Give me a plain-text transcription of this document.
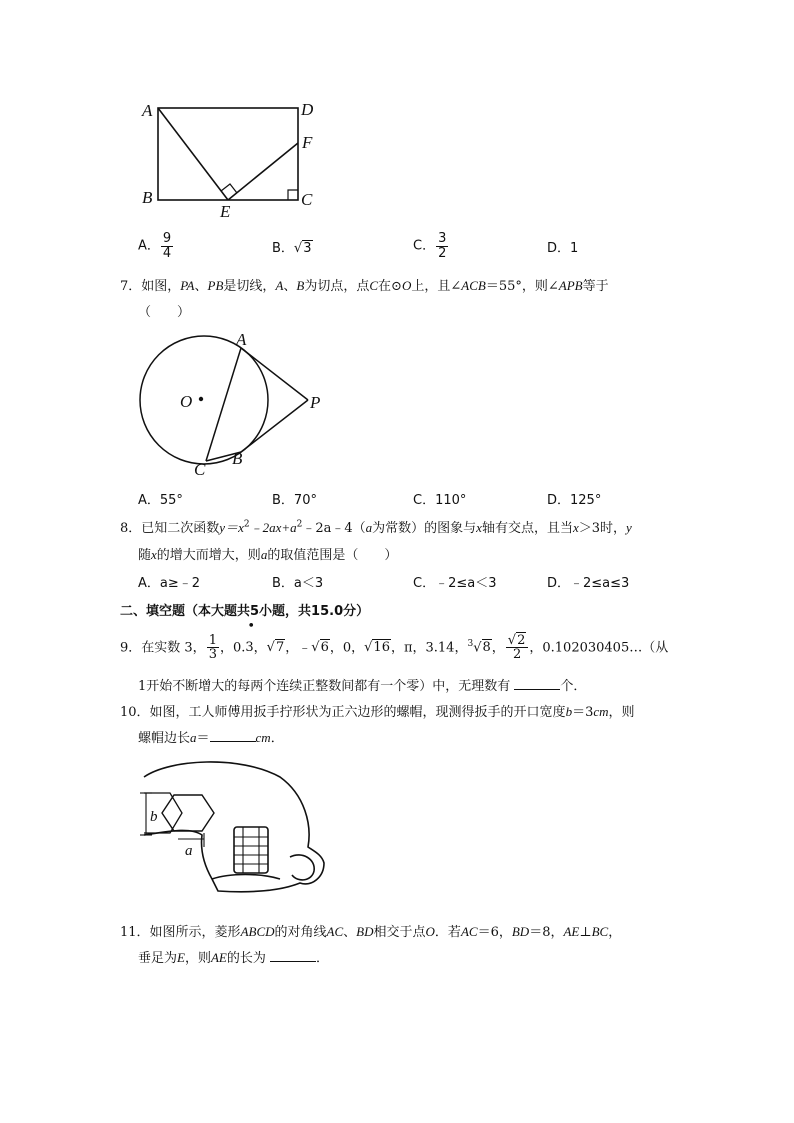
A	D
F
B
E
C
A． $\frac{9}{4}$	B．√3	C． $\frac{3}{2}$	D．1
7．如图，PA、PB是切线，A、B为切点，点C在⊙O上，且∠ACB＝55°，则∠APB等于
（　　）
A
O	P
C
B
A．55°	B．70°	C．110°	D．125°
8．已知二次函数$y=x^2﹣2ax+a^2﹣2a﹣4(a$为常数）的图象与x轴有交点，且当x＞3时，y
随x的增大而增大，则a的取值范围是（　　）
A．a≥﹣2	B．a＜3	C．﹣2≤a＜3	D．﹣2≤a≤3
二、填空题（本大题共5小题，共15.0分）
9．在实数 3， $\frac{1}{3}$ ，0.
•
3，√7，﹣√6，0，√16，π，3.14，$^3$√8， $\frac{√2}{2}$ ，0.102030405…（从
1开始不断增大的每两个连续正整数间都有一个零）中，无理数有	个．
10．如图，工人师傅用扳手拧形状为正六边形的螺帽，现测得扳手的开口宽度b＝3cm，则
螺帽边长a＝	cm．
b
a
11．如图所示，菱形ABCD的对角线AC、BD相交于点O．若AC＝6，BD＝8，AE⊥BC，
垂足为E，则AE的长为	．
